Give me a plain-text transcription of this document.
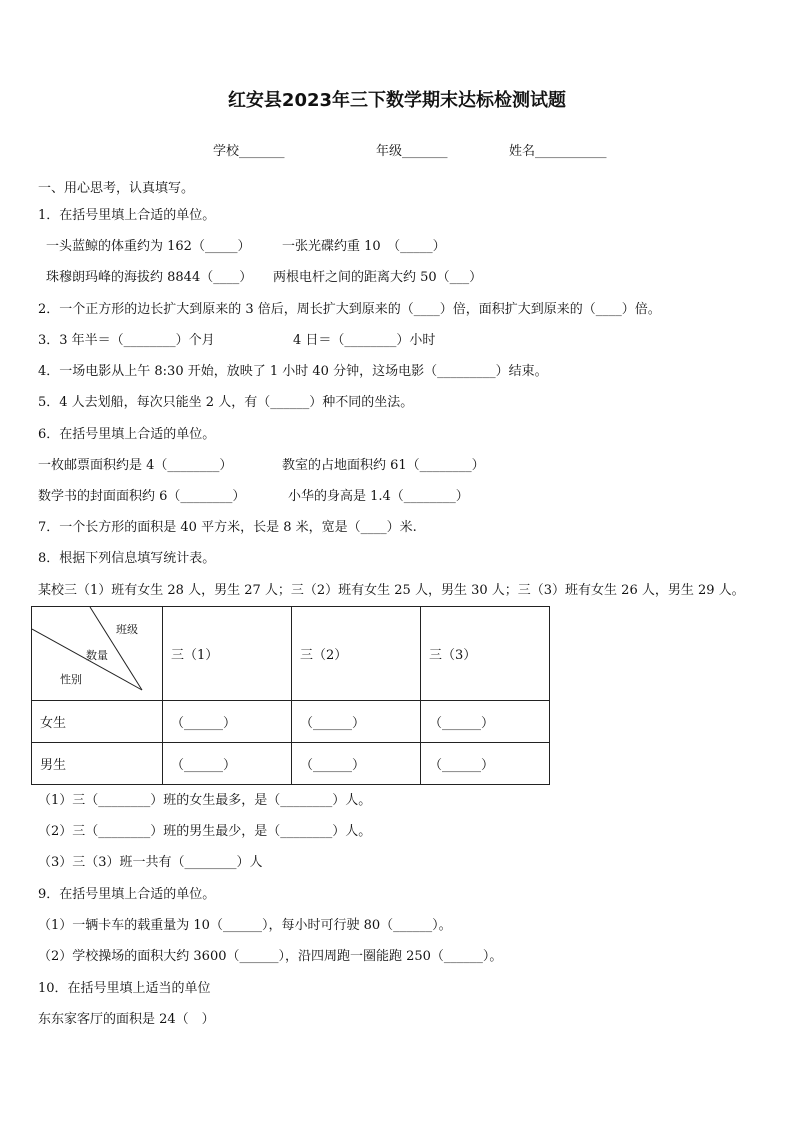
红安县2023年三下数学期末达标检测试题
学校_______	年级_______	姓名___________
一、用心思考，认真填写。
1．在括号里填上合适的单位。
一头蓝鲸的体重约为 162（_____） 一张光碟约重 10　（_____）
珠穆朗玛峰的海拔约 8844（____） 两根电杆之间的距离大约 50（___）
2．一个正方形的边长扩大到原来的 3 倍后，周长扩大到原来的（____）倍，面积扩大到原来的（____）倍。
3．3 年半＝（________）个月	4 日＝（________）小时
4．一场电影从上午 8:30 开始，放映了 1 小时 40 分钟，这场电影（_________）结束。
5．4 人去划船，每次只能坐 2 人，有（______）种不同的坐法。
6．在括号里填上合适的单位。
一枚邮票面积约是 4（________）	教室的占地面积约 61（________）
数学书的封面面积约 6（________）	小华的身高是 1.4（________）
7．一个长方形的面积是 40 平方米，长是 8 米，宽是（____）米.
8．根据下列信息填写统计表。
某校三（1）班有女生 28 人，男生 27 人；三（2）班有女生 25 人，男生 30 人；三（3）班有女生 26 人，男生 29 人。
班级
数量
性别	三（1）	三（2）	三（3）
女生	（______）	（______）	（______）
男生	（______）	（______）	（______）
（1）三（________）班的女生最多，是（________）人。
（2）三（________）班的男生最少，是（________）人。
（3）三（3）班一共有（________）人
9．在括号里填上合适的单位。
（1）一辆卡车的载重量为 10（______），每小时可行驶 80（______）。
（2）学校操场的面积大约 3600（______），沿四周跑一圈能跑 250（______）。
10．在括号里填上适当的单位
东东家客厅的面积是 24（　）
